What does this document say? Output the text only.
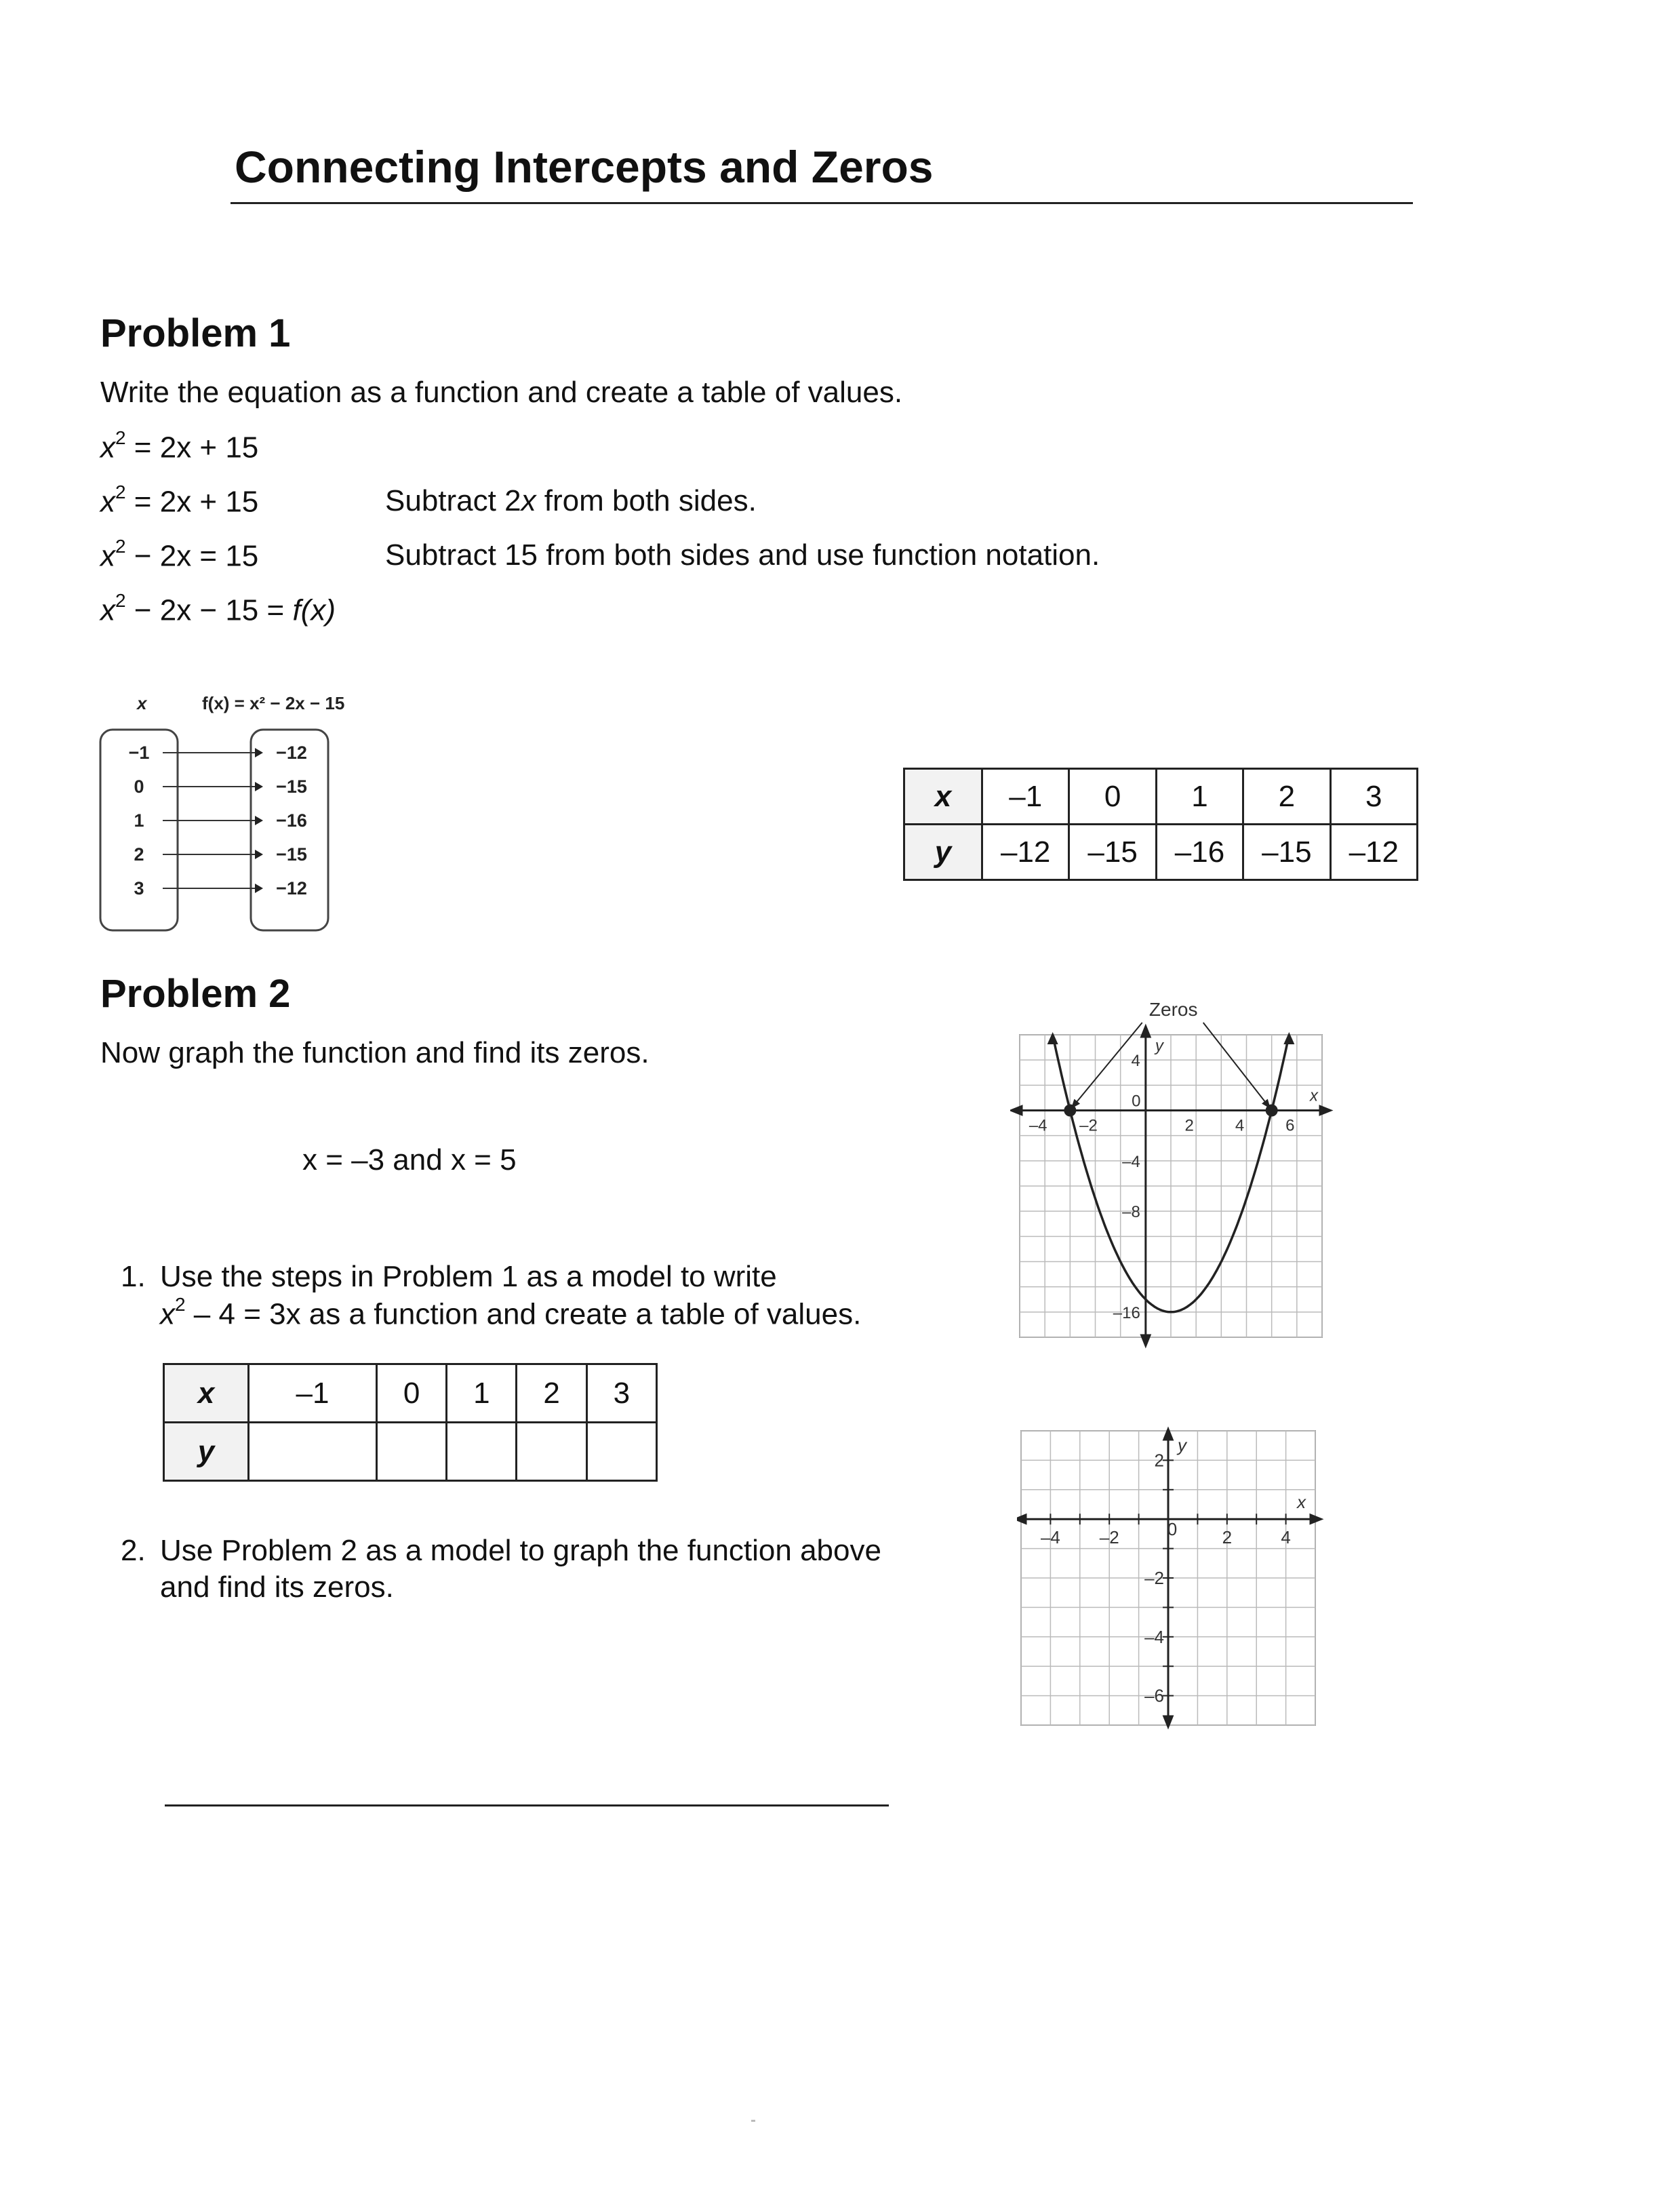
Connecting Intercepts and Zeros
Problem 1
Write the equation as a function and create a table of values.
$x^2 = 2x + 15$
$x^2 = 2x + 15$	Subtract 2x from both sides.
$x^2 - 2x = 15$	Subtract 15 from both sides and use function notation.
$x^2 - 2x - 15 = f(x)$
x	f(x) = x² − 2x − 15
−1	−12
0	−15
1	−16
2	−15
3	−12
x	–1	0	1	2	3
y	–12	–15	–16	–15	–12
Problem 2
Now graph the function and find its zeros.
x = –3 and x = 5
–4 –2
0
2	4	6
4
–4
–8
–16
y
x
Zeros
1. Use the steps in Problem 1 as a model to write
$x^2 - 4 = 3x$ as a function and create a table of values.
x	–1	0	1	2	3
y					
–4 –2	0	2	4
2
–2
–4
–6
y
x
2. Use Problem 2 as a model to graph the function above
and find its zeros.
